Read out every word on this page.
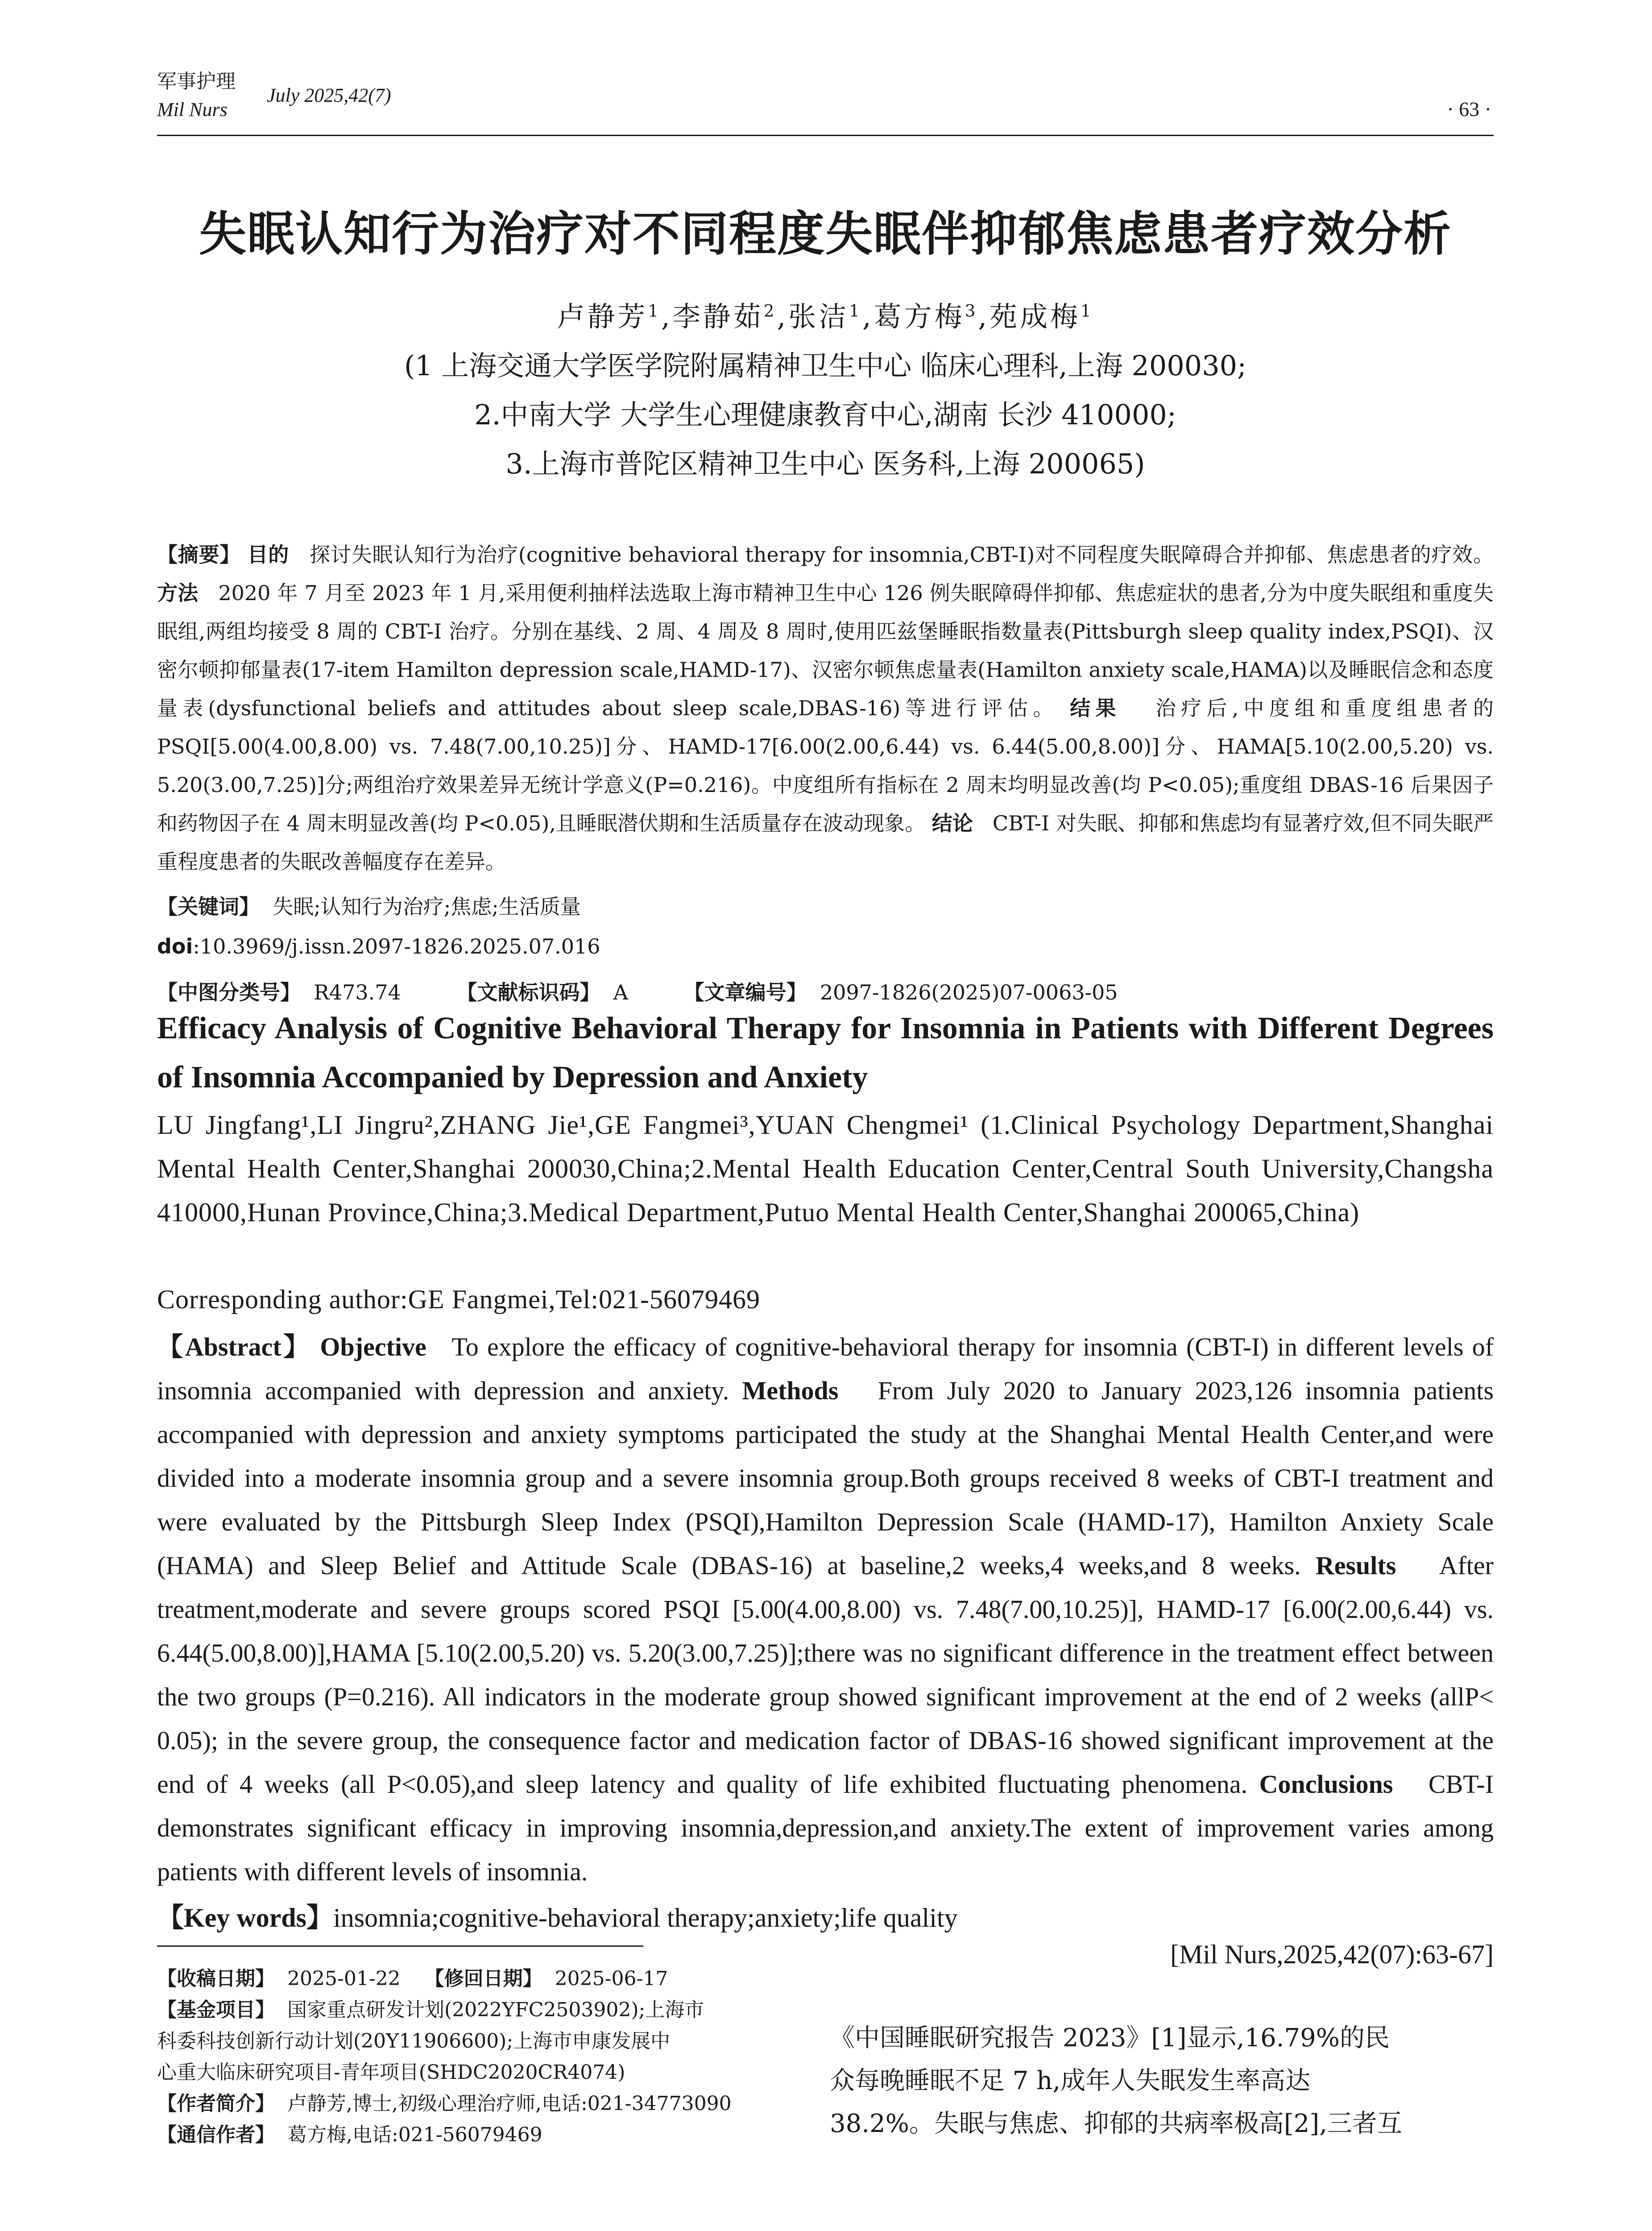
军事护理
Mil Nurs
July 2025,42(7)
· 63 ·
失眠认知行为治疗对不同程度失眠伴抑郁焦虑患者疗效分析
卢静芳$^1$,李静茹$^2$,张洁$^1$,葛方梅$^3$,苑成梅$^1$
(1 上海交通大学医学院附属精神卫生中心 临床心理科,上海 200030;
2.中南大学 大学生心理健康教育中心,湖南 长沙 410000;
3.上海市普陀区精神卫生中心 医务科,上海 200065)
【摘要】 目的 探讨失眠认知行为治疗(cognitive behavioral therapy for insomnia,CBT-I)对不同程度失眠障碍合并抑郁、焦虑患者的疗效。 方法 2020 年 7 月至 2023 年 1 月,采用便利抽样法选取上海市精神卫生中心 126 例失眠障碍伴抑郁、焦虑症状的患者,分为中度失眠组和重度失眠组,两组均接受 8 周的 CBT-I 治疗。分别在基线、2 周、4 周及 8 周时,使用匹兹堡睡眠指数量表(Pittsburgh sleep quality index,PSQI)、汉密尔顿抑郁量表(17-item Hamilton depression scale,HAMD-17)、汉密尔顿焦虑量表(Hamilton anxiety scale,HAMA)以及睡眠信念和态度量表(dysfunctional beliefs and attitudes about sleep scale,DBAS-16)等进行评估。 结果 治疗后,中度组和重度组患者的 PSQI[5.00(4.00,8.00) vs. 7.48(7.00,10.25)]分、HAMD-17[6.00(2.00,6.44) vs. 6.44(5.00,8.00)]分、HAMA[5.10(2.00,5.20) vs. 5.20(3.00,7.25)]分;两组治疗效果差异无统计学意义(P=0.216)。中度组所有指标在 2 周末均明显改善(均 P<0.05);重度组 DBAS-16 后果因子和药物因子在 4 周末明显改善(均 P<0.05),且睡眠潜伏期和生活质量存在波动现象。 结论 CBT-I 对失眠、抑郁和焦虑均有显著疗效,但不同失眠严重程度患者的失眠改善幅度存在差异。
【关键词】 失眠;认知行为治疗;焦虑;生活质量
doi:10.3969/j.issn.2097-1826.2025.07.016
【中图分类号】 R473.74	【文献标识码】 A	【文章编号】 2097-1826(2025)07-0063-05
Efficacy Analysis of Cognitive Behavioral Therapy for Insomnia in Patients with Different Degrees of Insomnia Accompanied by Depression and Anxiety
LU Jingfang¹,LI Jingru²,ZHANG Jie¹,GE Fangmei³,YUAN Chengmei¹ (1.Clinical Psychology Department,Shanghai Mental Health Center,Shanghai 200030,China;2.Mental Health Education Center,Central South University,Changsha 410000,Hunan Province,China;3.Medical Department,Putuo Mental Health Center,Shanghai 200065,China)
Corresponding author:GE Fangmei,Tel:021-56079469
【Abstract】 Objective To explore the efficacy of cognitive-behavioral therapy for insomnia (CBT-I) in different levels of insomnia accompanied with depression and anxiety. Methods From July 2020 to January 2023,126 insomnia patients accompanied with depression and anxiety symptoms participated the study at the Shanghai Mental Health Center,and were divided into a moderate insomnia group and a severe insomnia group.Both groups received 8 weeks of CBT-I treatment and were evaluated by the Pittsburgh Sleep Index (PSQI),Hamilton Depression Scale (HAMD-17), Hamilton Anxiety Scale (HAMA) and Sleep Belief and Attitude Scale (DBAS-16) at baseline,2 weeks,4 weeks,and 8 weeks. Results After treatment,moderate and severe groups scored PSQI [5.00(4.00,8.00) vs. 7.48(7.00,10.25)], HAMD-17 [6.00(2.00,6.44) vs. 6.44(5.00,8.00)],HAMA [5.10(2.00,5.20) vs. 5.20(3.00,7.25)];there was no significant difference in the treatment effect between the two groups (P=0.216). All indicators in the moderate group showed significant improvement at the end of 2 weeks (allP< 0.05); in the severe group, the consequence factor and medication factor of DBAS-16 showed significant improvement at the end of 4 weeks (all P<0.05),and sleep latency and quality of life exhibited fluctuating phenomena. Conclusions CBT-I demonstrates significant efficacy in improving insomnia,depression,and anxiety.The extent of improvement varies among patients with different levels of insomnia.
【Key words】insomnia;cognitive-behavioral therapy;anxiety;life quality
[Mil Nurs,2025,42(07):63-67]
【收稿日期】 2025-01-22 【修回日期】 2025-06-17
【基金项目】 国家重点研发计划(2022YFC2503902);上海市
科委科技创新行动计划(20Y11906600);上海市申康发展中
心重大临床研究项目-青年项目(SHDC2020CR4074)
【作者简介】 卢静芳,博士,初级心理治疗师,电话:021-34773090
【通信作者】 葛方梅,电话:021-56079469
《中国睡眠研究报告 2023》[1]显示,16.79%的民
众每晚睡眠不足 7 h,成年人失眠发生率高达
38.2%。失眠与焦虑、抑郁的共病率极高[2],三者互
